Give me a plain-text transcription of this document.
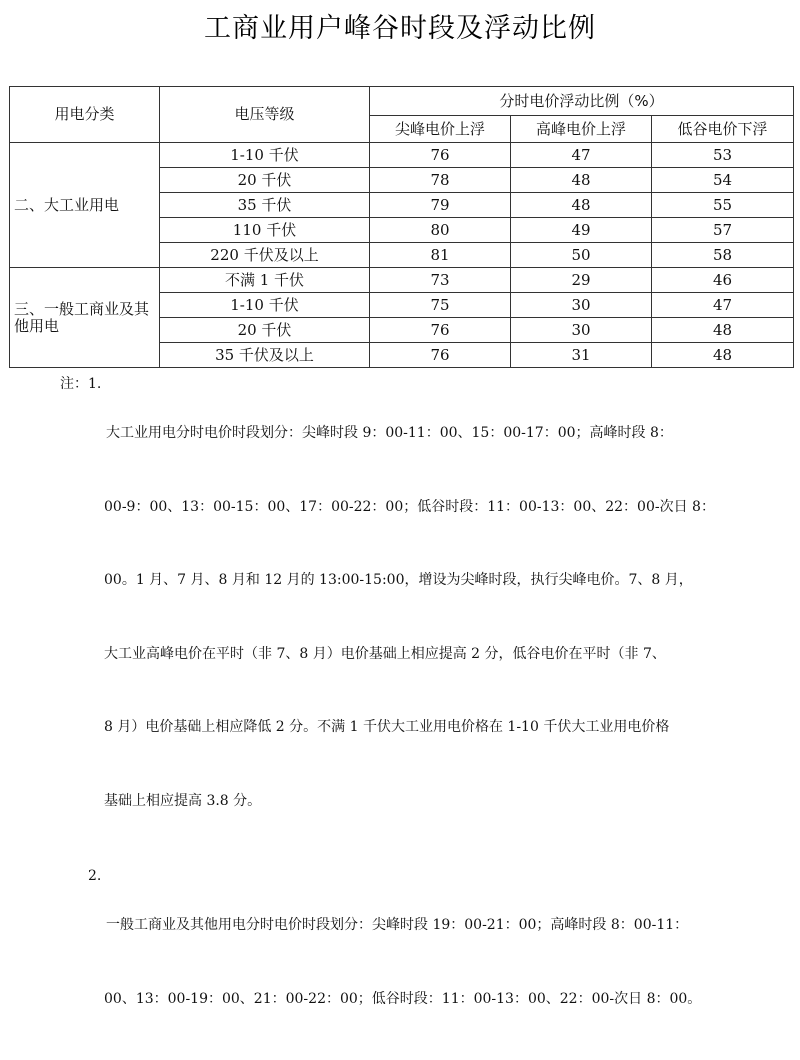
工商业用户峰谷时段及浮动比例
用电分类	电压等级	分时电价浮动比例（%）		
		尖峰电价上浮	高峰电价上浮	低谷电价下浮
二、大工业用电	1-10 千伏	76	47	53
	20 千伏	78	48	54
	35 千伏	79	48	55
	110 千伏	80	49	57
	220 千伏及以上	81	50	58
三、一般工商业及其他用电	不满 1 千伏	73	29	46
	1-10 千伏	75	30	47
	20 千伏	76	30	48
	35 千伏及以上	76	31	48
注： 1.

大工业用电分时电价时段划分：尖峰时段 9：00-11：00、15：00-17：00；高峰时段 8：

00-9：00、13：00-15：00、17：00-22：00；低谷时段：11：00-13：00、22：00-次日 8：

00。1 月、7 月、8 月和 12 月的 13:00-15:00，增设为尖峰时段，执行尖峰电价。7、8 月，

大工业高峰电价在平时（非 7、8 月）电价基础上相应提高 2 分，低谷电价在平时（非 7、

8 月）电价基础上相应降低 2 分。不满 1 千伏大工业用电价格在 1-10 千伏大工业用电价格

基础上相应提高 3.8 分。

2.

一般工商业及其他用电分时电价时段划分：尖峰时段 19：00-21：00；高峰时段 8：00-11：

00、13：00-19：00、21：00-22：00；低谷时段：11：00-13：00、22：00-次日 8：00。
